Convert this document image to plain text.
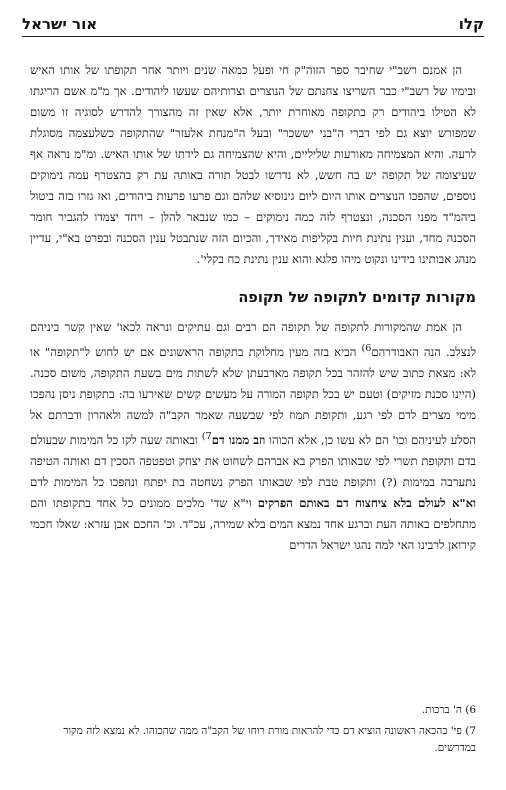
קלו
אור ישראל

הן אמנם רשב"י שחיבר ספר הזוה"ק חי ופעל כמאה שנים ויותר אחר תקופתו של אותו האיש ובימיו של רשב"י כבר השריצו צחנתם של הנוצרים וצרותיהם שעשו ליהודים. אך מ"מ אשם הריגתו לא הטילו ביהודים רק בתקופה מאוחרת יותר, אלא שאין זה מהצורך להדרש לסוגיה זו משום שמפורש יוצא גם לפי דברי ה"בני יששכר" ובעל ה"מנחת אלעזר" שהתקופה כשלעצמה מסוגלת לרעה. והיא המצמיחה מאורעות שליליים, והיא שהצמיחה גם לידתו של אותו האיש. ומ"מ נראה אף שעיצומה של תקופה יש בה חשש, לא נדרשו לבטל תורה באותה עת רק בהצטרף עמה נימוקים נוספים, שהפכו הנוצרים אותו היום ליום גינוסיא שלהם וגם פרעו פרעות ביהודים, ואז גזרו בזה ביטול ביהמ"ד מפני הסכנה, ונצטרף לזה כמה נימוקים – כמו שנבאר להלן – ויחד יצמדו להגביר חומר הסכנה מחד, וענין נתינת חיות בקליפות מאידך, והכיום הזה שנתבטל ענין הסכנה ובפרט בא"י, עדיין מנהג אבותינו בידינו ונקוט מיהו פלגא והוא ענין נתינת כח בקלי'.

מקורות קדומים לתקופה של תקופה

הן אמת שהמקורות לתקופה של תקופה הם רבים וגם עתיקים ונראה לכאו' שאין קשר ביניהם לנצלב. הנה האבודרהם$^{6)}$ הביא בזה מעין מחלוקת בתקופה הראשונים אם יש לחוש ל"תקופה" או לא: מצאת כתוב שיש להזהר בכל תקופה מארבעתן שלא לשתות מים בשעת התקופה, משום סכנה. (היינו סכנת מזיקים) וטעם יש בכל תקופה המורה על מעשים קשים שאירעו בה: בתקופת ניסן נהפכו מימי מצרים לדם לפי רגע, ותקופת תמוז לפי שבשעה שאמר הקב"ה למשה ולאהרון ודברתם אל הסלע לעיניהם וכו' הם לא עשו כן, אלא הכוהו וזב ממנו דם$^{7)}$ ובאותה שעה לקו כל המימות שבעולם בדם ותקופת תשרי לפי שבאותו הפרק בא אברהם לשחוט את יצחק וטפטפה הסכין דם ואותה הטיפה נתערבה במימות (?) ותקופת טבת לפי שבאותו הפרק נשחטה בת יפתח ונהפכו כל המימות לדם וא"א לעולם בלא ציחצוח דם באותם הפרקים וי"א שד' מלכים ממונים כל אחד בתקופתו והם מתחלפים באותה העת וברגע אחד נמצא המים בלא שמירה, עכ"ד. וכ' החכם אבן עזרא: שאלו חכמי קירואן לרבינו האי למה נהגו ישראל הדרים

6) ה' ברכות.

7) פי' בהכאה ראשונה הוציא דם כדי להראות מורת רוחו של הקב"ה ממה שהכוהו. לא נמצא לזה מקור במדרשים.
